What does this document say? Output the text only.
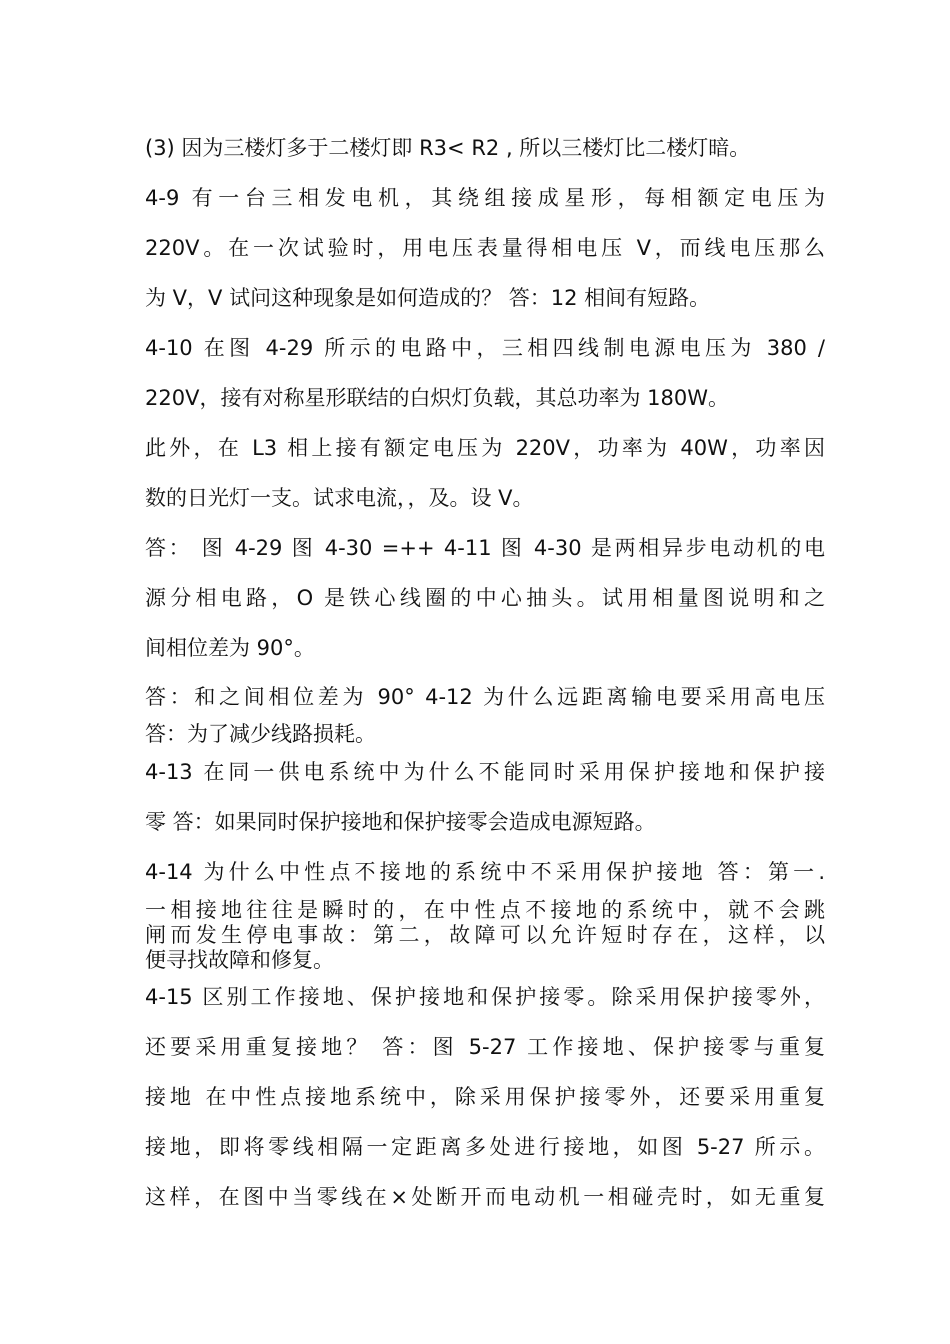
(3) 因为三楼灯多于二楼灯即 R3< R2 , 所以三楼灯比二楼灯暗。
4-9 有一台三相发电机，其绕组接成星形，每相额定电压为
220V。在一次试验时，用电压表量得相电压 V，而线电压那么
为 V，V 试问这种现象是如何造成的？ 答：12 相间有短路。
4-10 在图 4-29 所示的电路中，三相四线制电源电压为 380 /
220V，接有对称星形联结的白炽灯负载，其总功率为 180W。
此外，在 L3 相上接有额定电压为 220V，功率为 40W，功率因
数的日光灯一支。试求电流，，及。设 V。
答： 图 4-29 图 4-30 =++ 4-11 图 4-30 是两相异步电动机的电
源分相电路，O 是铁心线圈的中心抽头。试用相量图说明和之
间相位差为 90°。
答：和之间相位差为 90° 4-12 为什么远距离输电要采用高电压
答：为了减少线路损耗。
4-13 在同一供电系统中为什么不能同时采用保护接地和保护接
零 答：如果同时保护接地和保护接零会造成电源短路。
4-14 为什么中性点不接地的系统中不采用保护接地 答：第一.
一相接地往往是瞬时的，在中性点不接地的系统中，就不会跳
闸而发生停电事故：第二，故障可以允许短时存在，这样，以
便寻找故障和修复。
4-15 区别工作接地、保护接地和保护接零。除采用保护接零外，
还要采用重复接地？ 答：图 5-27 工作接地、保护接零与重复
接地 在中性点接地系统中，除采用保护接零外，还要采用重复
接地，即将零线相隔一定距离多处进行接地，如图 5-27 所示。
这样，在图中当零线在×处断开而电动机一相碰壳时，如无重复
